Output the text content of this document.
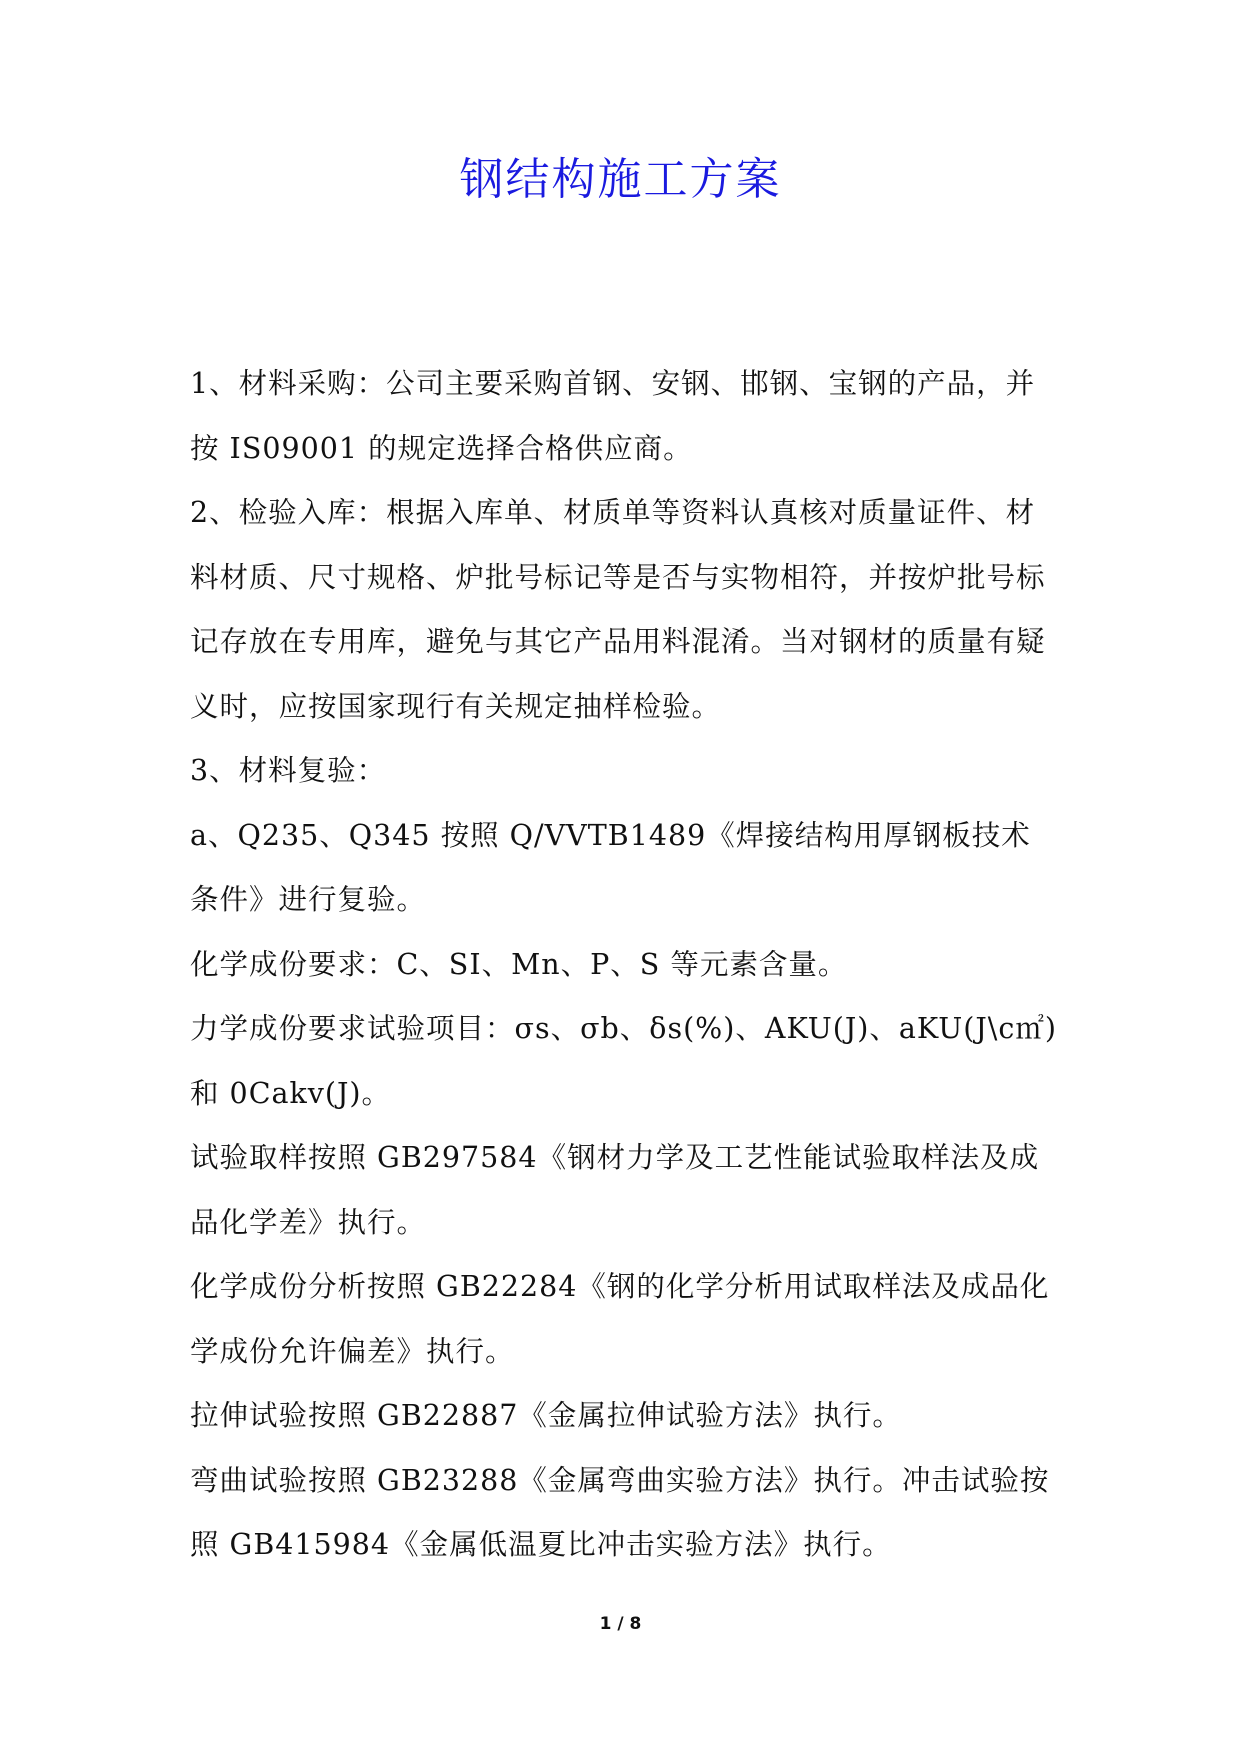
钢结构施工方案

1、材料采购：公司主要采购首钢、安钢、邯钢、宝钢的产品，并按 IS09001 的规定选择合格供应商。

2、检验入库：根据入库单、材质单等资料认真核对质量证件、材料材质、尺寸规格、炉批号标记等是否与实物相符，并按炉批号标记存放在专用库，避免与其它产品用料混淆。当对钢材的质量有疑义时，应按国家现行有关规定抽样检验。

3、材料复验：

a、Q235、Q345 按照 Q/VVTB1489《焊接结构用厚钢板技术条件》进行复验。

化学成份要求：C、SI、Mn、P、S 等元素含量。

力学成份要求试验项目：σs、σb、δs(%)、AKU(J)、aKU(J\c㎡)和 0Cakv(J)。

试验取样按照 GB297584《钢材力学及工艺性能试验取样法及成品化学差》执行。

化学成份分析按照 GB22284《钢的化学分析用试取样法及成品化学成份允许偏差》执行。

拉伸试验按照 GB22887《金属拉伸试验方法》执行。

弯曲试验按照 GB23288《金属弯曲实验方法》执行。冲击试验按照 GB415984《金属低温夏比冲击实验方法》执行。

1 / 8
